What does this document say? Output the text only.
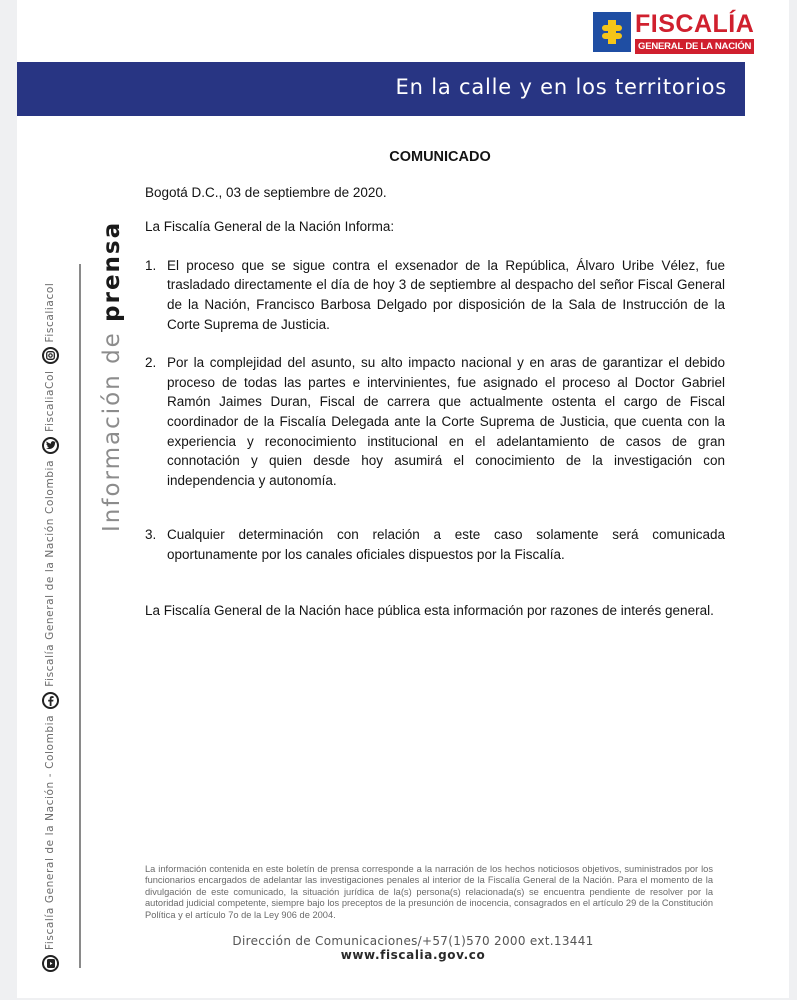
FISCALÍA
GENERAL DE LA NACIÓN
En la calle y en los territorios
Fiscalía General de la Nación - Colombia
Fiscalía General de la Nación Colombia
FiscaliaCol
Fiscaliacol
Información de prensa
COMUNICADO
Bogotá D.C., 03 de septiembre de 2020.
La Fiscalía General de la Nación Informa:
1. El proceso que se sigue contra el exsenador de la República, Álvaro Uribe Vélez, fue trasladado directamente el día de hoy 3 de septiembre al despacho del señor Fiscal General de la Nación, Francisco Barbosa Delgado por disposición de la Sala de Instrucción de la Corte Suprema de Justicia.
2. Por la complejidad del asunto, su alto impacto nacional y en aras de garantizar el debido proceso de todas las partes e intervinientes, fue asignado el proceso al Doctor Gabriel Ramón Jaimes Duran, Fiscal de carrera que actualmente ostenta el cargo de Fiscal coordinador de la Fiscalía Delegada ante la Corte Suprema de Justicia, que cuenta con la experiencia y reconocimiento institucional en el adelantamiento de casos de gran connotación y quien desde hoy asumirá el conocimiento de la investigación con independencia y autonomía.
3. Cualquier determinación con relación a este caso solamente será comunicada oportunamente por los canales oficiales dispuestos por la Fiscalía.
La Fiscalía General de la Nación hace pública esta información por razones de interés general.
La información contenida en este boletín de prensa corresponde a la narración de los hechos noticiosos objetivos, suministrados por los funcionarios encargados de adelantar las investigaciones penales al interior de la Fiscalía General de la Nación. Para el momento de la divulgación de este comunicado, la situación jurídica de la(s) persona(s) relacionada(s) se encuentra pendiente de resolver por la autoridad judicial competente, siempre bajo los preceptos de la presunción de inocencia, consagrados en el artículo 29 de la Constitución Política y el artículo 7o de la Ley 906 de 2004.
Dirección de Comunicaciones/+57(1)570 2000 ext.13441
www.fiscalia.gov.co
